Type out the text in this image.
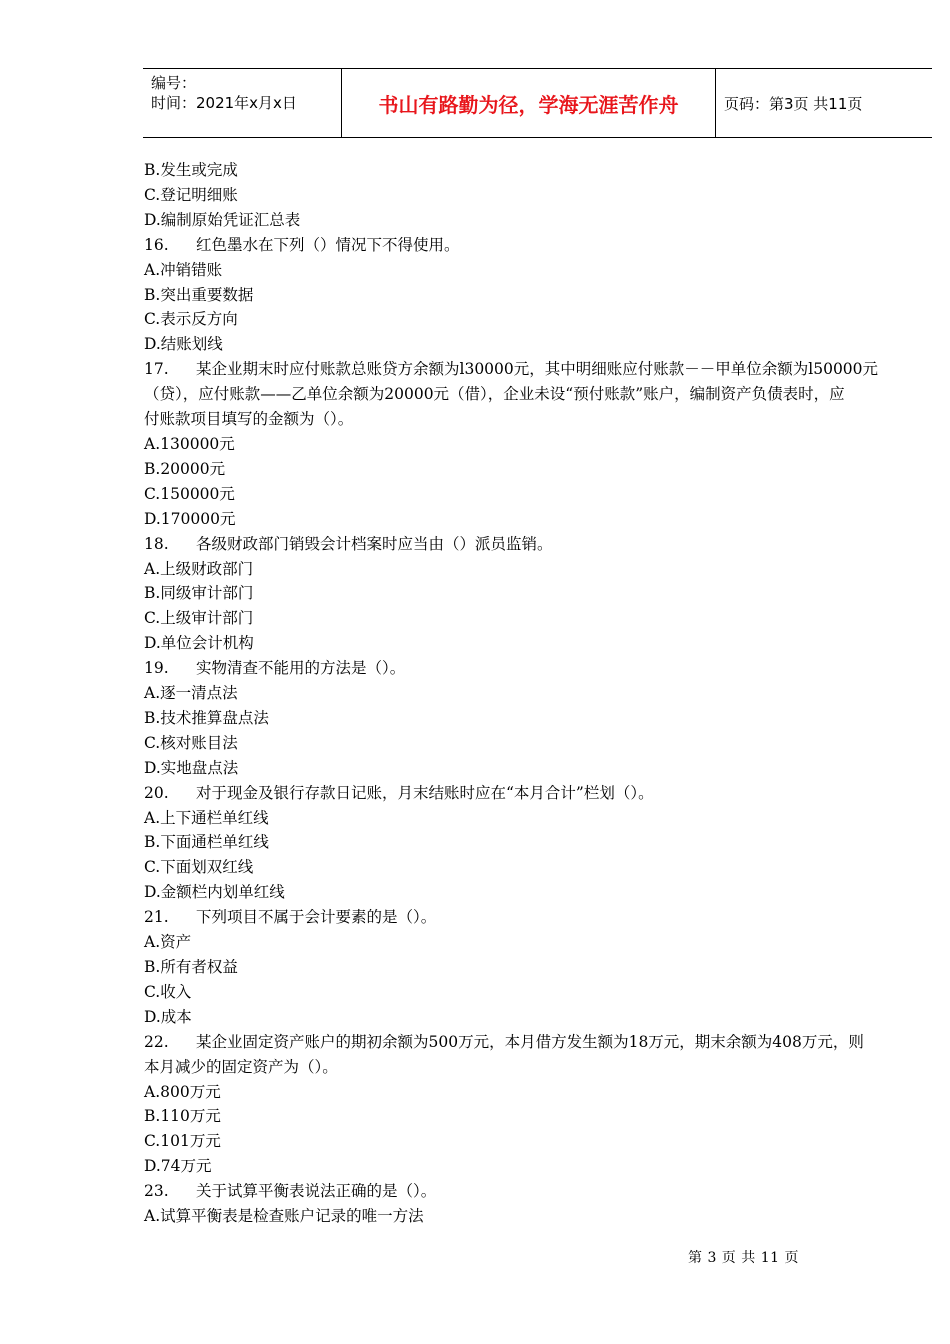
编号：
时间：2021年x月x日	书山有路勤为径，学海无涯苦作舟	页码：第3页 共11页
B.发生或完成
C.登记明细账
D.编制原始凭证汇总表
16.	红色墨水在下列（）情况下不得使用。
A.冲销错账
B.突出重要数据
C.表示反方向
D.结账划线
17.	某企业期末时应付账款总账贷方余额为l30000元，其中明细账应付账款－－甲单位余额为l50000元
（贷），应付账款——乙单位余额为20000元（借），企业未设“预付账款”账户，编制资产负债表时，应
付账款项目填写的金额为（）。
A.130000元
B.20000元
C.150000元
D.170000元
18.	各级财政部门销毁会计档案时应当由（）派员监销。
A.上级财政部门
B.同级审计部门
C.上级审计部门
D.单位会计机构
19.	实物清查不能用的方法是（）。
A.逐一清点法
B.技术推算盘点法
C.核对账目法
D.实地盘点法
20.	对于现金及银行存款日记账，月末结账时应在“本月合计”栏划（）。
A.上下通栏单红线
B.下面通栏单红线
C.下面划双红线
D.金额栏内划单红线
21.	下列项目不属于会计要素的是（）。
A.资产
B.所有者权益
C.收入
D.成本
22.	某企业固定资产账户的期初余额为500万元，本月借方发生额为18万元，期末余额为408万元，则
本月减少的固定资产为（）。
A.800万元
B.110万元
C.101万元
D.74万元
23.	关于试算平衡表说法正确的是（）。
A.试算平衡表是检查账户记录的唯一方法
第 3 页 共 11 页
